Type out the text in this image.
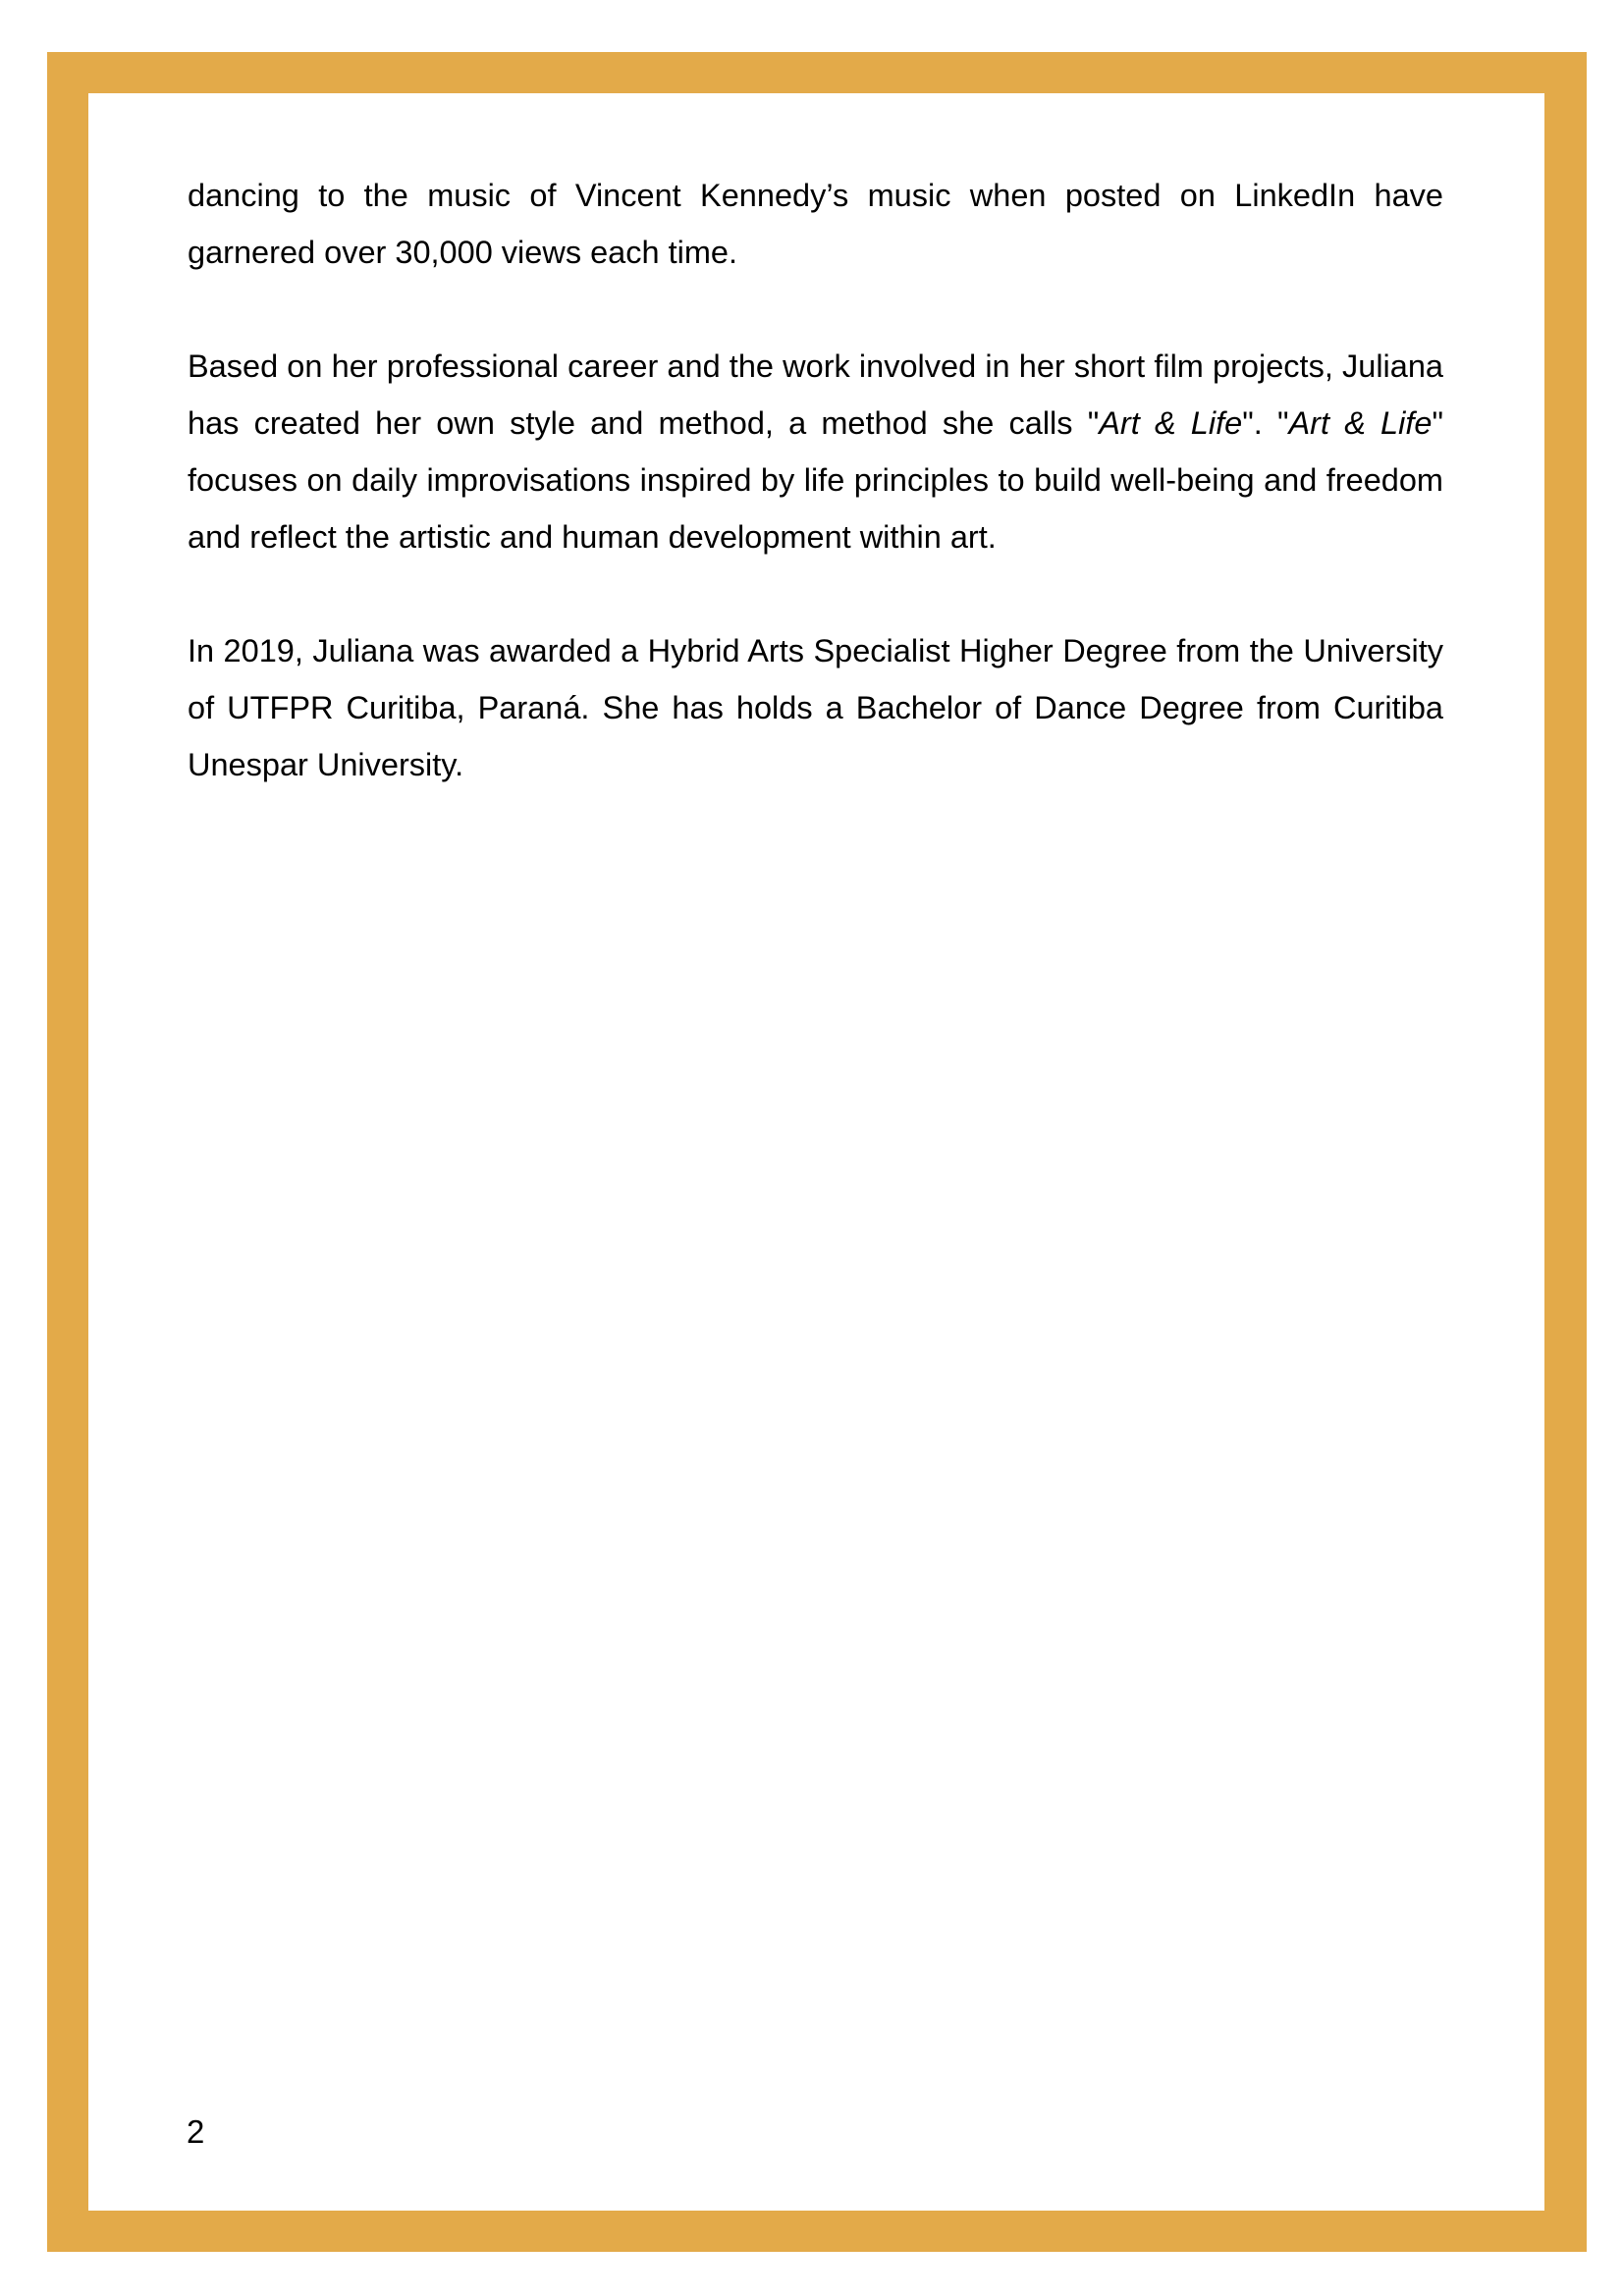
dancing to the music of Vincent Kennedy’s music when posted on LinkedIn have garnered over 30,000 views each time.

Based on her professional career and the work involved in her short film projects, Juliana has created her own style and method, a method she calls "Art & Life". "Art & Life" focuses on daily improvisations inspired by life principles to build well-being and freedom and reflect the artistic and human development within art.

In 2019, Juliana was awarded a Hybrid Arts Specialist Higher Degree from the University of UTFPR Curitiba, Paraná. She has holds a Bachelor of Dance Degree from Curitiba Unespar University.

2
